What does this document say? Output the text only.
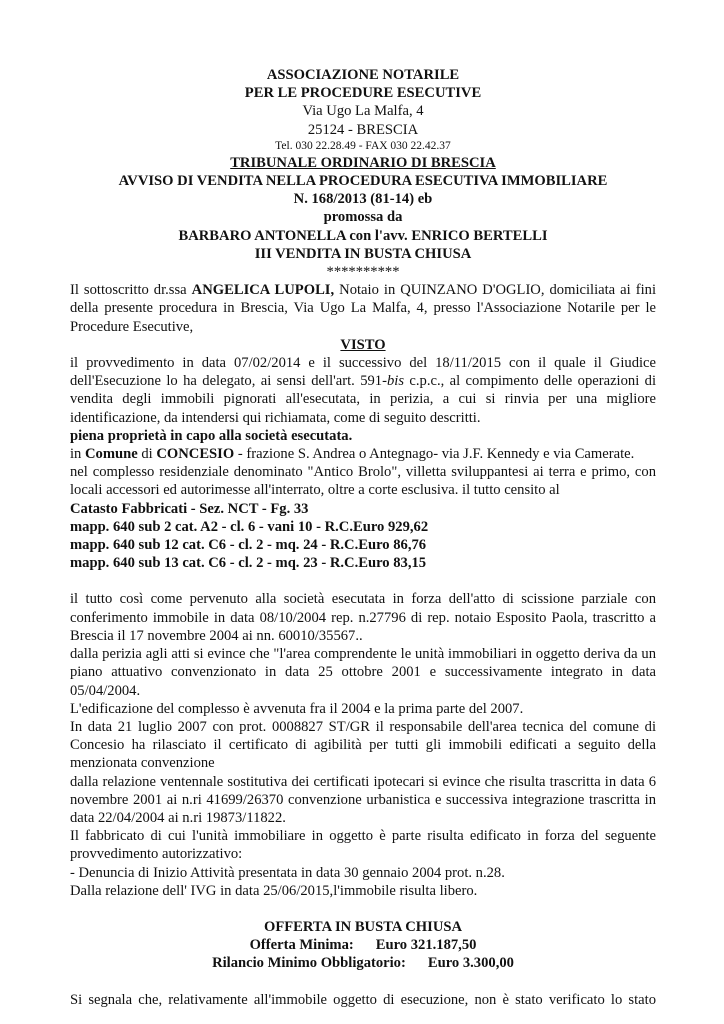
ASSOCIAZIONE NOTARILE
PER LE PROCEDURE ESECUTIVE
Via Ugo La Malfa, 4
25124 - BRESCIA
Tel. 030 22.28.49 - FAX 030 22.42.37
TRIBUNALE ORDINARIO DI BRESCIA
AVVISO DI VENDITA NELLA PROCEDURA ESECUTIVA IMMOBILIARE
N. 168/2013 (81-14) eb
promossa da
BARBARO ANTONELLA con l'avv. ENRICO BERTELLI
III VENDITA IN BUSTA CHIUSA
**********

Il sottoscritto dr.ssa ANGELICA LUPOLI, Notaio in QUINZANO D'OGLIO, domiciliata ai fini della presente procedura in Brescia, Via Ugo La Malfa, 4, presso l'Associazione Notarile per le Procedure Esecutive,

VISTO

il provvedimento in data 07/02/2014 e il successivo del 18/11/2015 con il quale il Giudice dell'Esecuzione lo ha delegato, ai sensi dell'art. 591-bis c.p.c., al compimento delle operazioni di vendita degli immobili pignorati all'esecutata, in perizia, a cui si rinvia per una migliore identificazione, da intendersi qui richiamata, come di seguito descritti.

piena proprietà in capo alla società esecutata.
in Comune di CONCESIO - frazione S. Andrea o Antegnago- via J.F. Kennedy e via Camerate.

nel complesso residenziale denominato "Antico Brolo", villetta sviluppantesi ai terra e primo, con locali accessori ed autorimesse all'interrato, oltre a corte esclusiva. il tutto censito al

Catasto Fabbricati - Sez. NCT - Fg. 33
mapp. 640 sub 2 cat. A2 - cl. 6 - vani 10 - R.C.Euro 929,62
mapp. 640 sub 12 cat. C6 - cl. 2 - mq. 24 - R.C.Euro 86,76
mapp. 640 sub 13 cat. C6 - cl. 2 - mq. 23 - R.C.Euro 83,15

il tutto così come pervenuto alla società esecutata in forza dell'atto di scissione parziale con conferimento immobile in data 08/10/2004 rep. n.27796 di rep. notaio Esposito Paola, trascritto a Brescia il 17 novembre 2004 ai nn. 60010/35567..

dalla perizia agli atti si evince che "l'area comprendente le unità immobiliari in oggetto deriva da un piano attuativo convenzionato in data 25 ottobre 2001 e successivamente integrato in data 05/04/2004.

L'edificazione del complesso è avvenuta fra il 2004 e la prima parte del 2007.

In data 21 luglio 2007 con prot. 0008827 ST/GR il responsabile dell'area tecnica del comune di Concesio ha rilasciato il certificato di agibilità per tutti gli immobili edificati a seguito della menzionata convenzione

dalla relazione ventennale sostitutiva dei certificati ipotecari si evince che risulta trascritta in data 6 novembre 2001 ai n.ri 41699/26370 convenzione urbanistica e successiva integrazione trascritta in data 22/04/2004 ai n.ri 19873/11822.

Il fabbricato di cui l'unità immobiliare in oggetto è parte risulta edificato in forza del seguente provvedimento autorizzativo:

- Denuncia di Inizio Attività presentata in data 30 gennaio 2004 prot. n.28.

Dalla relazione dell' IVG in data 25/06/2015,l'immobile risulta libero.

OFFERTA IN BUSTA CHIUSA
Offerta Minima: Euro 321.187,50
Rilancio Minimo Obbligatorio: Euro 3.300,00

Si segnala che, relativamente all'immobile oggetto di esecuzione, non è stato verificato lo stato
